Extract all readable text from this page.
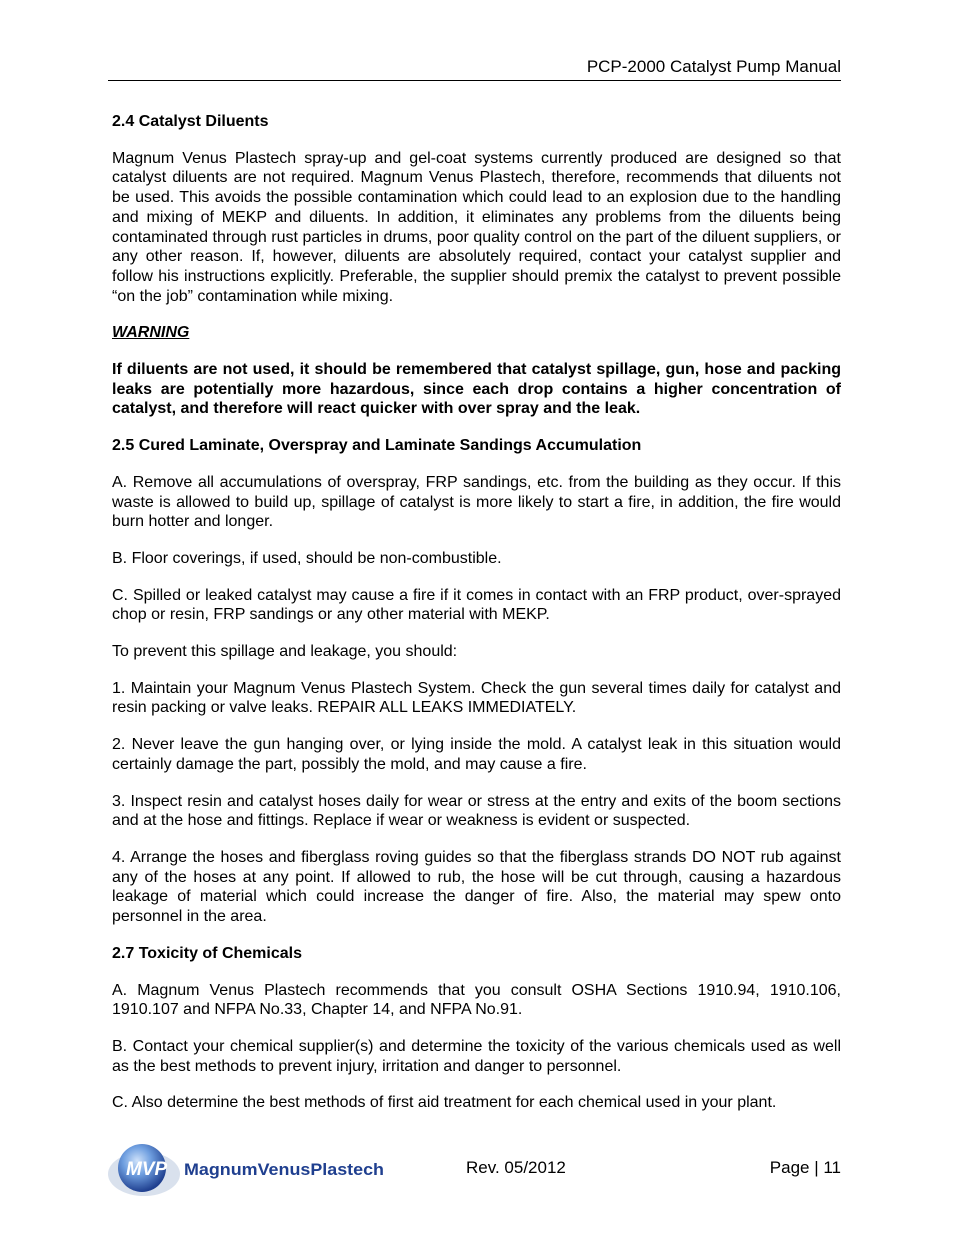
PCP-2000 Catalyst Pump Manual
2.4 Catalyst Diluents

Magnum Venus Plastech spray-up and gel-coat systems currently produced are designed so that catalyst diluents are not required. Magnum Venus Plastech, therefore, recommends that diluents not be used. This avoids the possible contamination which could lead to an explosion due to the handling and mixing of MEKP and diluents. In addition, it eliminates any problems from the diluents being contaminated through rust particles in drums, poor quality control on the part of the diluent suppliers, or any other reason. If, however, diluents are absolutely required, contact your catalyst supplier and follow his instructions explicitly. Preferable, the supplier should premix the catalyst to prevent possible “on the job” contamination while mixing.

WARNING

If diluents are not used, it should be remembered that catalyst spillage, gun, hose and packing leaks are potentially more hazardous, since each drop contains a higher concentration of catalyst, and therefore will react quicker with over spray and the leak.

2.5 Cured Laminate, Overspray and Laminate Sandings Accumulation

A. Remove all accumulations of overspray, FRP sandings, etc. from the building as they occur. If this waste is allowed to build up, spillage of catalyst is more likely to start a fire, in addition, the fire would burn hotter and longer.

B. Floor coverings, if used, should be non-combustible.

C. Spilled or leaked catalyst may cause a fire if it comes in contact with an FRP product, over-sprayed chop or resin, FRP sandings or any other material with MEKP.

To prevent this spillage and leakage, you should:

1. Maintain your Magnum Venus Plastech System. Check the gun several times daily for catalyst and resin packing or valve leaks. REPAIR ALL LEAKS IMMEDIATELY.

2. Never leave the gun hanging over, or lying inside the mold. A catalyst leak in this situation would certainly damage the part, possibly the mold, and may cause a fire.

3. Inspect resin and catalyst hoses daily for wear or stress at the entry and exits of the boom sections and at the hose and fittings. Replace if wear or weakness is evident or suspected.

4. Arrange the hoses and fiberglass roving guides so that the fiberglass strands DO NOT rub against any of the hoses at any point. If allowed to rub, the hose will be cut through, causing a hazardous leakage of material which could increase the danger of fire. Also, the material may spew onto personnel in the area.

2.7 Toxicity of Chemicals

A. Magnum Venus Plastech recommends that you consult OSHA Sections 1910.94, 1910.106, 1910.107 and NFPA No.33, Chapter 14, and NFPA No.91.

B. Contact your chemical supplier(s) and determine the toxicity of the various chemicals used as well as the best methods to prevent injury, irritation and danger to personnel.

C. Also determine the best methods of first aid treatment for each chemical used in your plant.

MVP MagnumVenusPlastech	Rev. 05/2012	Page | 11
